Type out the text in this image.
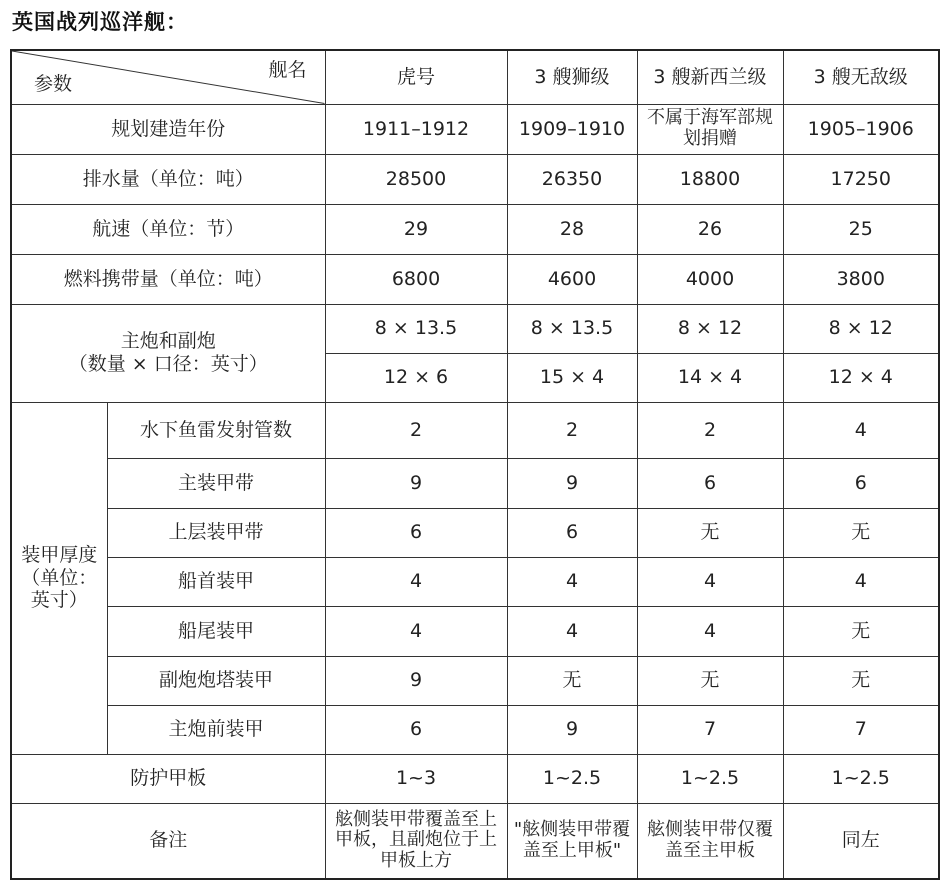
英国战列巡洋舰：
舰名
参数		虎号	3 艘狮级	3 艘新西兰级	3 艘无敌级
规划建造年份		1911–1912	1909–1910	不属于海军部规划捐赠	1905–1906
排水量（单位：吨）		28500	26350	18800	17250
航速（单位：节）		29	28	26	25
燃料携带量（单位：吨）		6800	4600	4000	3800

主炮和副炮
（数量 × 口径：英寸）		8 × 13.5	8 × 13.5	8 × 12	8 × 12
		12 × 6	15 × 4	14 × 4	12 × 4
装甲厚度（单位：英寸）	水下鱼雷发射管数	2	2	2	4
	主装甲带	9	9	6	6
	上层装甲带	6	6	无	无
	船首装甲	4	4	4	4
	船尾装甲	4	4	4	无
	副炮炮塔装甲	9	无	无	无
	主炮前装甲	6	9	7	7
防护甲板		1~3	1~2.5	1~2.5	1~2.5
备注		舷侧装甲带覆盖至上甲板，且副炮位于上甲板上方	"舷侧装甲带覆盖至上甲板"	舷侧装甲带仅覆盖至主甲板	同左
